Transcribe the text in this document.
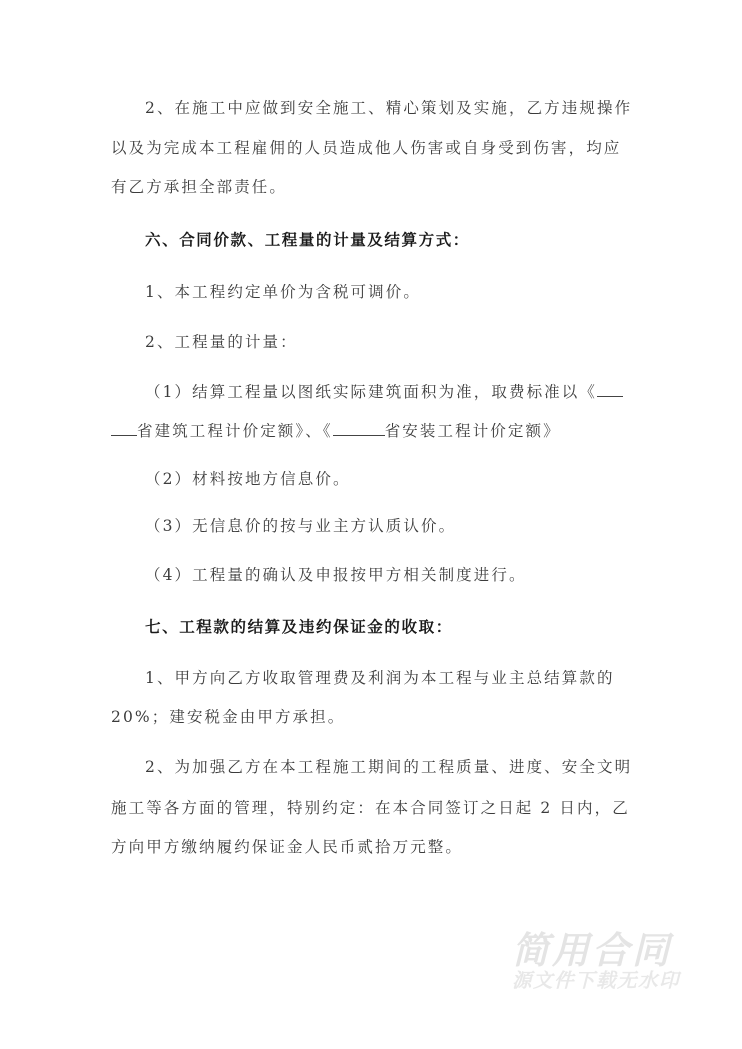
2、在施工中应做到安全施工、精心策划及实施，乙方违规操作
以及为完成本工程雇佣的人员造成他人伤害或自身受到伤害，均应
有乙方承担全部责任。
六、合同价款、工程量的计量及结算方式：
1、本工程约定单价为含税可调价。
2、工程量的计量：
（1）结算工程量以图纸实际建筑面积为准，取费标准以《
省建筑工程计价定额》、《	省安装工程计价定额》
（2）材料按地方信息价。
（3）无信息价的按与业主方认质认价。
（4）工程量的确认及申报按甲方相关制度进行。
七、工程款的结算及违约保证金的收取：
1、甲方向乙方收取管理费及利润为本工程与业主总结算款的
20%；建安税金由甲方承担。
2、为加强乙方在本工程施工期间的工程质量、进度、安全文明
施工等各方面的管理，特别约定：在本合同签订之日起 2 日内，乙
方向甲方缴纳履约保证金人民币贰拾万元整。
简用合同
源文件下载无水印
